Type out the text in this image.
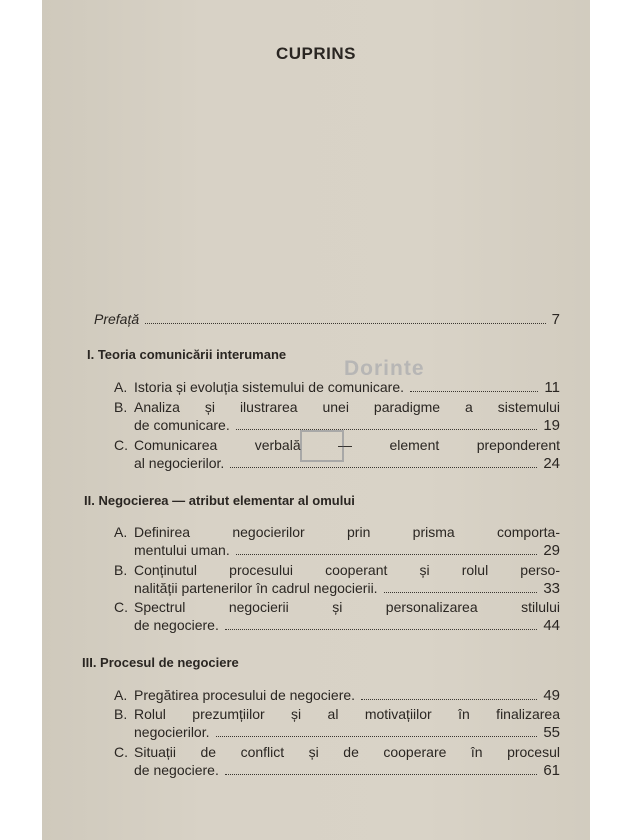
CUPRINS
Prefață	7
I. Teoria comunicării interumane
A. Istoria și evoluția sistemului de comunicare.	11
B. Analiza și ilustrarea unei paradigme a sistemului
de comunicare.	19
C. Comunicarea verbală — element preponderent
al negocierilor.	24
II. Negocierea — atribut elementar al omului
A. Definirea negocierilor prin prisma comporta-
mentului uman.	29
B. Conținutul procesului cooperant și rolul perso-
nalității partenerilor în cadrul negocierii.	33
C. Spectrul negocierii și personalizarea stilului
de negociere.	44
III. Procesul de negociere
A. Pregătirea procesului de negociere.	49
B. Rolul prezumțiilor și al motivațiilor în finalizarea
negocierilor.	55
C. Situații de conflict și de cooperare în procesul
de negociere.	61
Dorinte
